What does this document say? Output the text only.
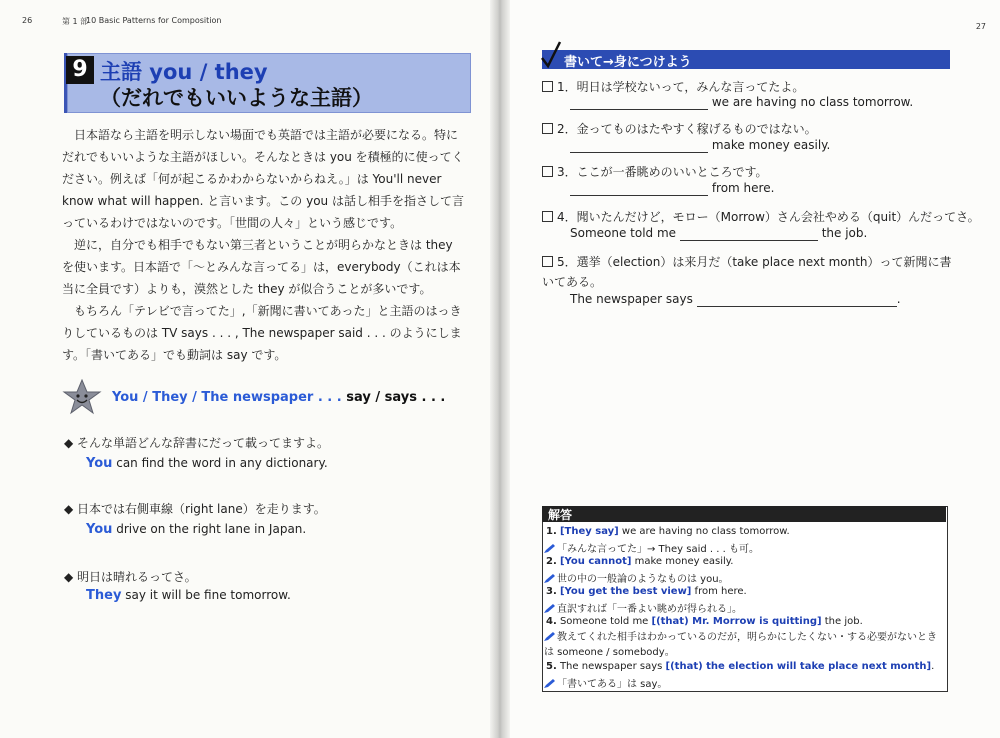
26	第 1 部
10 Basic Patterns for Composition
9 主語 you / they
（だれでもいいような主語）

日本語なら主語を明示しない場面でも英語では主語が必要になる。特にだれでもいいような主語がほしい。そんなときは you を積極的に使ってください。例えば「何が起こるかわからないからねえ。」は You'll never know what will happen. と言います。この you は話し相手を指さして言っているわけではないのです。「世間の人々」という感じです。

逆に，自分でも相手でもない第三者ということが明らかなときは they を使います。日本語で「～とみんな言ってる」は，everybody（これは本当に全員です）よりも，漠然とした they が似合うことが多いです。

もちろん「テレビで言ってた」,「新聞に書いてあった」と主語のはっきりしているものは TV says . . . , The newspaper said . . . のようにします。「書いてある」でも動詞は say です。

You / They / The newspaper . . . say / says . . .
◆ そんな単語どんな辞書にだって載ってますよ。
You can find the word in any dictionary.
◆ 日本では右側車線（right lane）を走ります。
You drive on the right lane in Japan.
◆ 明日は晴れるってさ。
They say it will be fine tomorrow.
27
書いて→身につけよう
1．明日は学校ないって，みんな言ってたよ。
we are having no class tomorrow.
2．金ってものはたやすく稼げるものではない。
make money easily.
3．ここが一番眺めのいいところです。
from here.
4．聞いたんだけど，モロー（Morrow）さん会社やめる（quit）んだってさ。
Someone told me	the job.
5．選挙（election）は来月だ（take place next month）って新聞に書いてある。
The newspaper says	.
解答
1. [They say] we are having no class tomorrow.
「みんな言ってた」→ They said . . . も可。
2. [You cannot] make money easily.
世の中の一般論のようなものは you。
3. [You get the best view] from here.
直訳すれば「一番よい眺めが得られる」。
4. Someone told me [(that) Mr. Morrow is quitting] the job.
教えてくれた相手はわかっているのだが，明らかにしたくない・する必要がないときは someone / somebody。
5. The newspaper says [(that) the election will take place next month].
「書いてある」は say。
